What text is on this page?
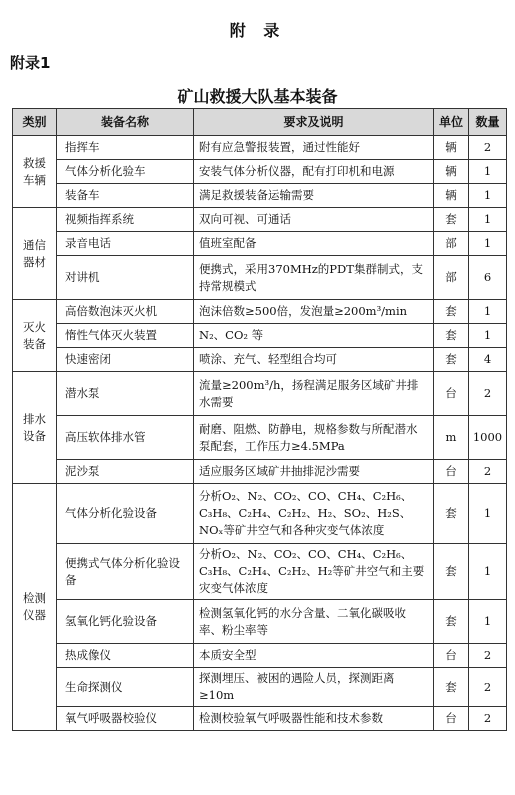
附 录
附录1
矿山救援大队基本装备
类别	装备名称	要求及说明	单位	数量
救援车辆	指挥车	附有应急警报装置，通过性能好	辆	2
	气体分析化验车	安装气体分析仪器，配有打印机和电源	辆	1
	装备车	满足救援装备运输需要	辆	1
通信器材	视频指挥系统	双向可视、可通话	套	1
	录音电话	值班室配备	部	1
	对讲机	便携式，采用370MHz的PDT集群制式，支持常规模式	部	6
灭火装备	高倍数泡沫灭火机	泡沫倍数≥500倍，发泡量≥200m³/min	套	1
	惰性气体灭火装置	N₂、CO₂ 等	套	1
	快速密闭	喷涂、充气、轻型组合均可	套	4
排水设备	潜水泵	流量≥200m³/h，扬程满足服务区域矿井排水需要	台	2
	高压软体排水管	耐磨、阻燃、防静电，规格参数与所配潜水泵配套，工作压力≥4.5MPa	m	1000
	泥沙泵	适应服务区域矿井抽排泥沙需要	台	2
检测仪器	气体分析化验设备	分析O₂、N₂、CO₂、CO、CH₄、C₂H₆、C₃H₈、C₂H₄、C₂H₂、H₂、SO₂、H₂S、NOₓ等矿井空气和各种灾变气体浓度	套	1
	便携式气体分析化验设备	分析O₂、N₂、CO₂、CO、CH₄、C₂H₆、C₃H₈、C₂H₄、C₂H₂、H₂等矿井空气和主要灾变气体浓度	套	1
	氢氧化钙化验设备	检测氢氧化钙的水分含量、二氧化碳吸收率、粉尘率等	套	1
	热成像仪	本质安全型	台	2
	生命探测仪	探测埋压、被困的遇险人员，探测距离≥10m	套	2
	氧气呼吸器校验仪	检测校验氧气呼吸器性能和技术参数	台	2
